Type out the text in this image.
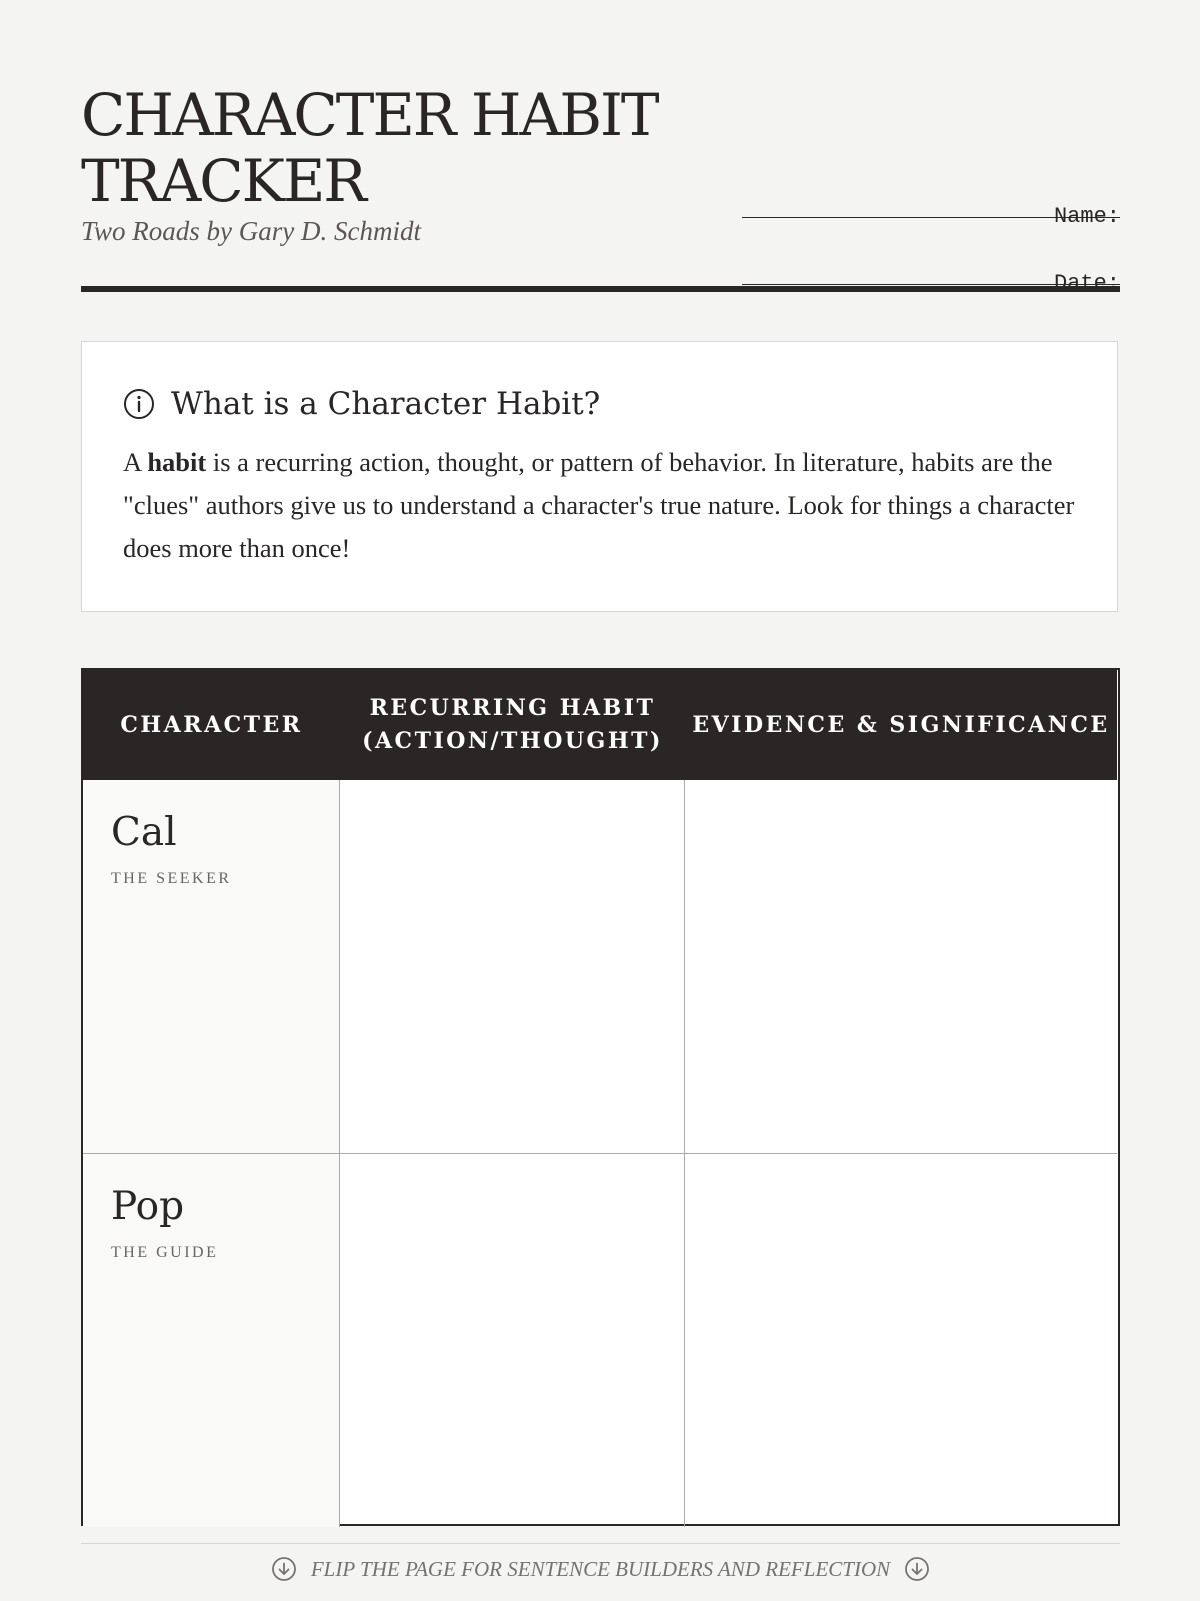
CHARACTER HABIT TRACKER
Two Roads by Gary D. Schmidt	Name:
Date:
What is a Character Habit?
A habit is a recurring action, thought, or pattern of behavior. In literature, habits are the "clues" authors give us to understand a character's true nature. Look for things a character does more than once!
CHARACTER
RECURRING HABIT
(ACTION/THOUGHT)
EVIDENCE & SIGNIFICANCE
Cal
THE SEEKER
Pop
THE GUIDE
FLIP THE PAGE FOR SENTENCE BUILDERS AND REFLECTION
